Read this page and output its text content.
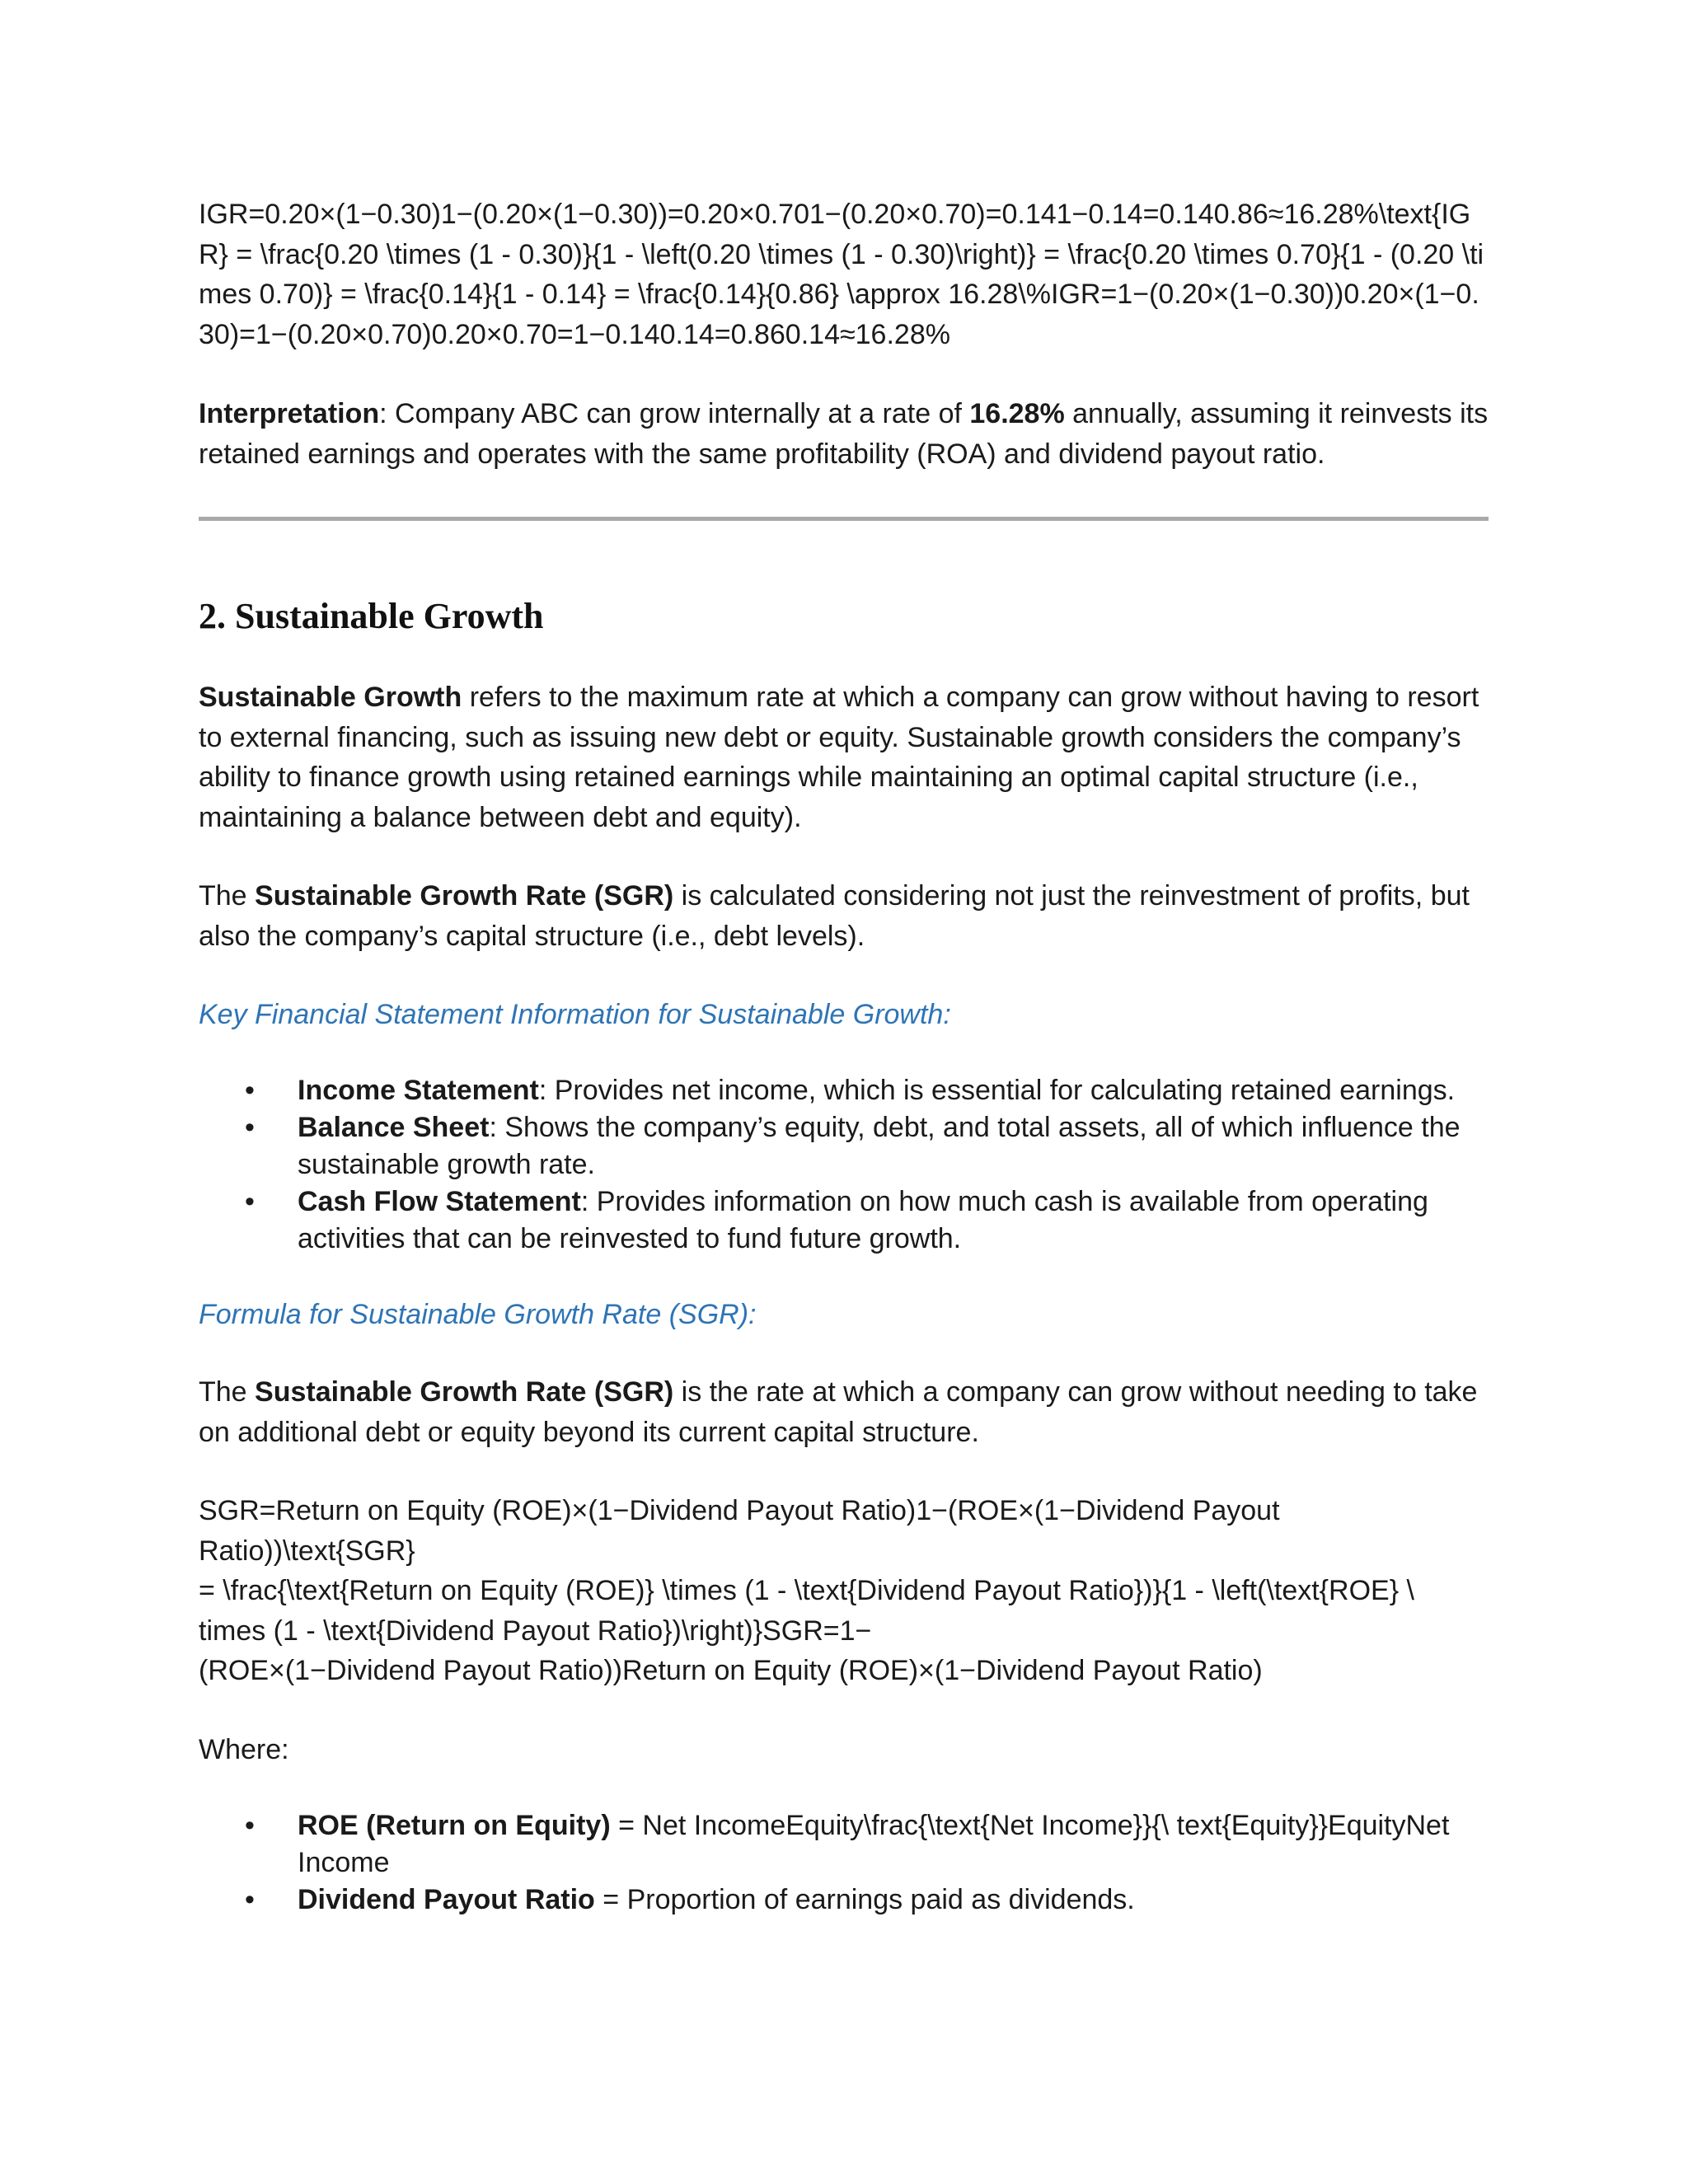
IGR=0.20×(1−0.30)1−(0.20×(1−0.30))=0.20×0.701−(0.20×0.70)=0.141−0.14=0.140.86≈16.28%\text{IGR} = \frac{0.20 \times (1 - 0.30)}{1 - \left(0.20 \times (1 - 0.30)\right)} = \frac{0.20 \times 0.70}{1 - (0.20 \times 0.70)} = \frac{0.14}{1 - 0.14} = \frac{0.14}{0.86} \approx 16.28\%IGR=1−(0.20×(1−0.30))0.20×(1−0.30)=1−(0.20×0.70)0.20×0.70=1−0.140.14=0.860.14≈16.28%

Interpretation: Company ABC can grow internally at a rate of 16.28% annually, assuming it reinvests its retained earnings and operates with the same profitability (ROA) and dividend payout ratio.

2. Sustainable Growth

Sustainable Growth refers to the maximum rate at which a company can grow without having to resort to external financing, such as issuing new debt or equity. Sustainable growth considers the company’s ability to finance growth using retained earnings while maintaining an optimal capital structure (i.e., maintaining a balance between debt and equity).

The Sustainable Growth Rate (SGR) is calculated considering not just the reinvestment of profits, but also the company’s capital structure (i.e., debt levels).

Key Financial Statement Information for Sustainable Growth:

• Income Statement: Provides net income, which is essential for calculating retained earnings.
• Balance Sheet: Shows the company’s equity, debt, and total assets, all of which influence the sustainable growth rate.
• Cash Flow Statement: Provides information on how much cash is available from operating activities that can be reinvested to fund future growth.

Formula for Sustainable Growth Rate (SGR):

The Sustainable Growth Rate (SGR) is the rate at which a company can grow without needing to take on additional debt or equity beyond its current capital structure.

SGR=Return on Equity (ROE)×(1−Dividend Payout Ratio)1−(ROE×(1−Dividend Payout Ratio))\text{SGR}
= \frac{\text{Return on Equity (ROE)} \times (1 - \text{Dividend Payout Ratio})}{1 - \left(\text{ROE} \
times (1 - \text{Dividend Payout Ratio})\right)}SGR=1−
(ROE×(1−Dividend Payout Ratio))Return on Equity (ROE)×(1−Dividend Payout Ratio)

Where:

• ROE (Return on Equity) = Net IncomeEquity\frac{\text{Net Income}}{\ text{Equity}}EquityNet Income
• Dividend Payout Ratio = Proportion of earnings paid as dividends.
